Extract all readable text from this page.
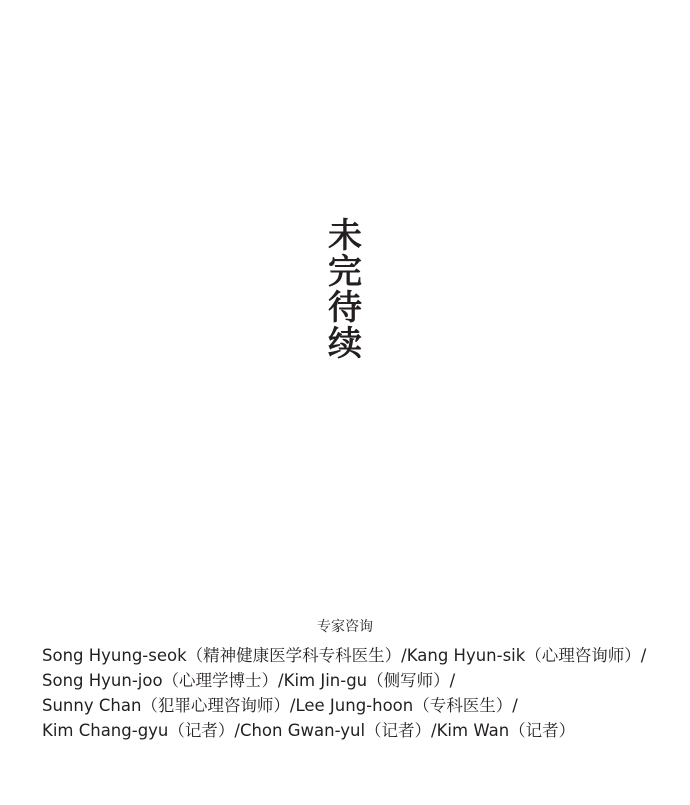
未
完
待
续
专家咨询
Song Hyung-seok（精神健康医学科专科医生）/Kang Hyun-sik（心理咨询师）/
Song Hyun-joo（心理学博士）/Kim Jin-gu（侧写师）/
Sunny Chan（犯罪心理咨询师）/Lee Jung-hoon（专科医生）/
Kim Chang-gyu（记者）/Chon Gwan-yul（记者）/Kim Wan（记者）
